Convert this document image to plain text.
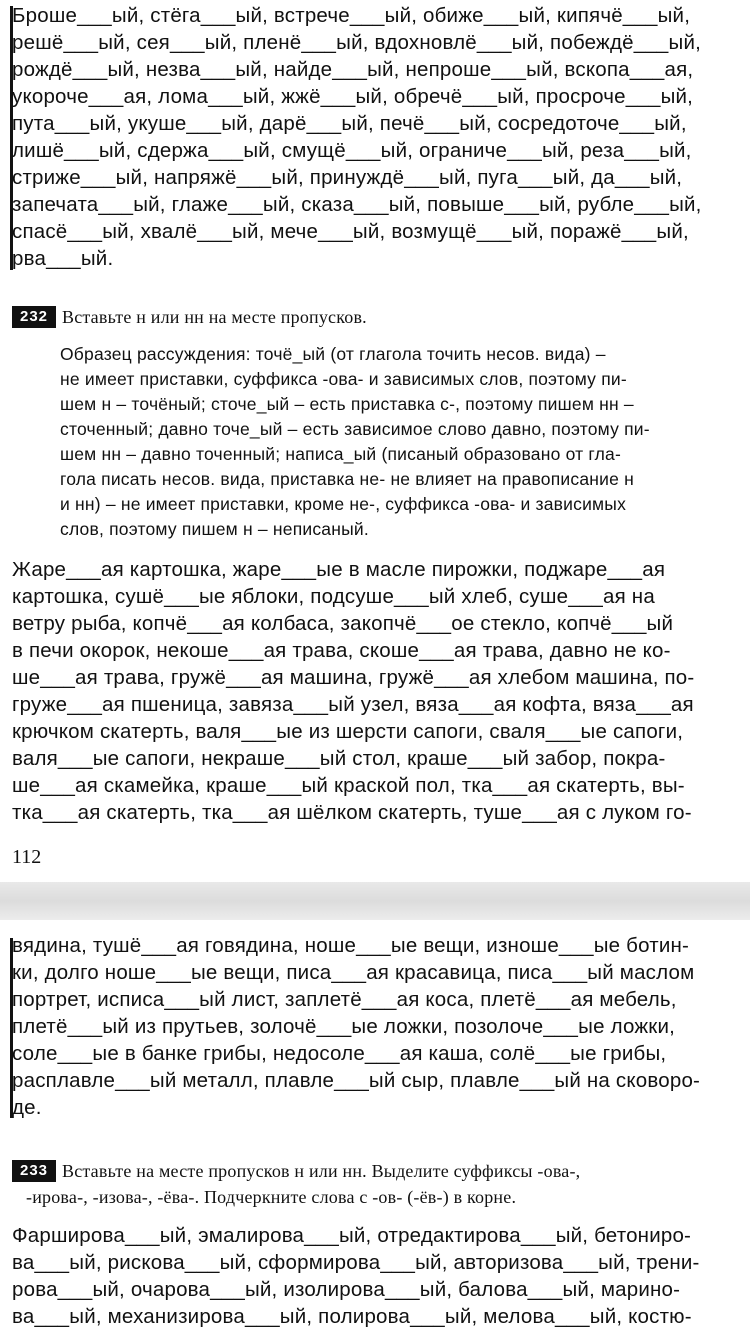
Броше___ый, стёга___ый, встрече___ый, обиже___ый, кипячё___ый,
решё___ый, сея___ый, пленё___ый, вдохновлё___ый, побеждё___ый,
рождё___ый, незва___ый, найде___ый, непроше___ый, вскопа___ая,
укороче___ая, лома___ый, жжё___ый, обречё___ый, просроче___ый,
пута___ый, укуше___ый, дарё___ый, печё___ый, сосредоточе___ый,
лишё___ый, сдержа___ый, смущё___ый, ограниче___ый, реза___ый,
стриже___ый, напряжё___ый, принуждё___ый, пуга___ый, да___ый,
запечата___ый, глаже___ый, сказа___ый, повыше___ый, рубле___ый,
спасё___ый, хвалё___ый, мече___ый, возмущё___ый, поражё___ый,
рва___ый.
232 Вставьте н или нн на месте пропусков.
Образец рассуждения: точё_ый (от глагола точить несов. вида) –
не имеет приставки, суффикса -ова- и зависимых слов, поэтому пи-
шем н – точёный; сточе_ый – есть приставка с-, поэтому пишем нн –
сточенный; давно точе_ый – есть зависимое слово давно, поэтому пи-
шем нн – давно точенный; написа_ый (писаный образовано от гла-
гола писать несов. вида, приставка не- не влияет на правописание н
и нн) – не имеет приставки, кроме не-, суффикса -ова- и зависимых
слов, поэтому пишем н – неписаный.
Жаре___ая картошка, жаре___ые в масле пирожки, поджаре___ая
картошка, сушё___ые яблоки, подсуше___ый хлеб, суше___ая на
ветру рыба, копчё___ая колбаса, закопчё___ое стекло, копчё___ый
в печи окорок, некоше___ая трава, скоше___ая трава, давно не ко-
ше___ая трава, гружё___ая машина, гружё___ая хлебом машина, по-
груже___ая пшеница, завяза___ый узел, вяза___ая кофта, вяза___ая
крючком скатерть, валя___ые из шерсти сапоги, сваля___ые сапоги,
валя___ые сапоги, некраше___ый стол, краше___ый забор, покра-
ше___ая скамейка, краше___ый краской пол, тка___ая скатерть, вы-
тка___ая скатерть, тка___ая шёлком скатерть, туше___ая с луком го-
112
вядина, тушё___ая говядина, ноше___ые вещи, изноше___ые ботин-
ки, долго ноше___ые вещи, писа___ая красавица, писа___ый маслом
портрет, исписа___ый лист, заплетё___ая коса, плетё___ая мебель,
плетё___ый из прутьев, золочё___ые ложки, позолоче___ые ложки,
соле___ые в банке грибы, недосоле___ая каша, солё___ые грибы,
расплавле___ый металл, плавле___ый сыр, плавле___ый на сковоро-
де.
233 Вставьте на месте пропусков н или нн. Выделите суффиксы -ова-,
-ирова-, -изова-, -ёва-. Подчеркните слова с -ов- (-ёв-) в корне.
Фарширова___ый, эмалирова___ый, отредактирова___ый, бетониро-
ва___ый, рискова___ый, сформирова___ый, авторизова___ый, трени-
рова___ый, очарова___ый, изолирова___ый, балова___ый, марино-
ва___ый, механизирова___ый, полирова___ый, мелова___ый, костю-
